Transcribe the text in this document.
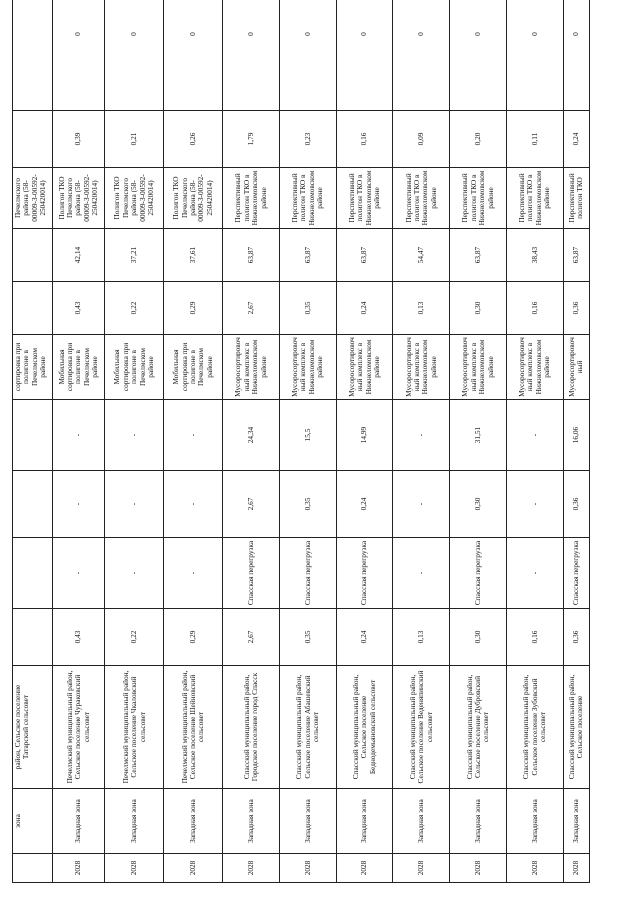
	зона	район, Сельское поселение Татарский сельсовет					сортировка при полигоне в Печелмском районе			Печелмского района (58-00009-З-00592-250420014)		
2028	Западная зона	Печелмский муниципальный район, Сельское поселение Чураковский сельсовет	0,43	-	-	-	Мобильная сортировка при полигоне в Печелмском районе	0,43	42,14	Полигон ТКО Печелмского района (58-00009-З-00592-250420014)	0,39	0
2028	Западная зона	Печелмский муниципальный район, Сельское поселение Чкаловский сельсовет	0,22	-	-	-	Мобильная сортировка при полигоне в Печелмском районе	0,22	37,21	Полигон ТКО Печелмского района (58-00009-З-00592-250420014)	0,21	0
2028	Западная зона	Печелмский муниципальный район, Сельское поселение Шейновский сельсовет	0,29	-	-	-	Мобильная сортировка при полигоне в Печелмском районе	0,29	37,61	Полигон ТКО Печелмского района (58-00009-З-00592-250420014)	0,26	0
2028	Западная зона	Спасский муниципальный район, Городское поселение город Спасск	2,67	Спасская перегрузка	2,67	24,34	Мусоросортировочный комплекс в Нижнеломовском районе	2,67	63,87	Перспективный полигон ТКО в Нижнеломовском районе	1,79	0
2028	Западная зона	Спасский муниципальный район, Сельское поселение Абашевский сельсовет	0,35	Спасская перегрузка	0,35	15,5	Мусоросортировочный комплекс в Нижнеломовском районе	0,35	63,87	Перспективный полигон ТКО в Нижнеломовском районе	0,23	0
2028	Западная зона	Спасский муниципальный район, Сельское поселение Беднодемьяновский сельсовет	0,24	Спасская перегрузка	0,24	14,99	Мусоросортировочный комплекс в Нижнеломовском районе	0,24	63,87	Перспективный полигон ТКО в Нижнеломовском районе	0,16	0
2028	Западная зона	Спасский муниципальный район, Сельское поселение Веденяпинский сельсовет	0,13	-	-	-	Мусоросортировочный комплекс в Нижнеломовском районе	0,13	54,47	Перспективный полигон ТКО в Нижнеломовском районе	0,09	0
2028	Западная зона	Спасский муниципальный район, Сельское поселение Дубровский сельсовет	0,30	Спасская перегрузка	0,30	31,51	Мусоросортировочный комплекс в Нижнеломовском районе	0,30	63,87	Перспективный полигон ТКО в Нижнеломовском районе	0,20	0
2028	Западная зона	Спасский муниципальный район, Сельское поселение Зубовский сельсовет	0,16	-	-	-	Мусоросортировочный комплекс в Нижнеломовском районе	0,16	38,43	Перспективный полигон ТКО в Нижнеломовском районе	0,11	0
2028	Западная зона	Спасский муниципальный район, Сельское поселение	0,36	Спасская перегрузка	0,36	16,06	Мусоросортировочный	0,36	63,87	Перспективный полигон ТКО	0,24	0
